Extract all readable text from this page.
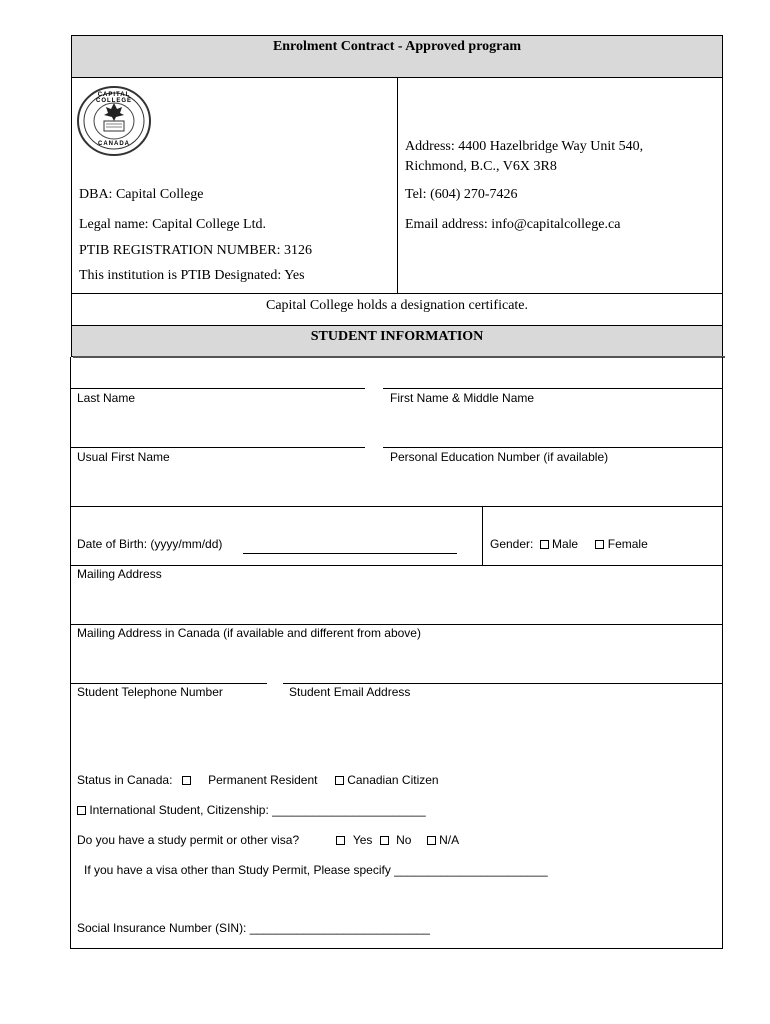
Enrolment Contract - Approved program
CAPITAL COLLEGE
CANADA
DBA: Capital College
Legal name: Capital College Ltd.
PTIB REGISTRATION NUMBER: 3126
This institution is PTIB Designated: Yes
Address: 4400 Hazelbridge Way Unit 540,
Richmond, B.C., V6X 3R8
Tel: (604) 270-7426
Email address: info@capitalcollege.ca
Capital College holds a designation certificate.
STUDENT INFORMATION
Last Name	First Name & Middle Name
Usual First Name	Personal Education Number (if available)
Date of Birth: (yyyy/mm/dd)	Gender: Male Female
Mailing Address
Mailing Address in Canada (if available and different from above)
Student Telephone Number	Student Email Address
Status in Canada:	Permanent Resident Canadian Citizen
International Student, Citizenship: _______________________
Do you have a study permit or other visa?	Yes No N/A
If you have a visa other than Study Permit, Please specify _______________________
Social Insurance Number (SIN): ___________________________
